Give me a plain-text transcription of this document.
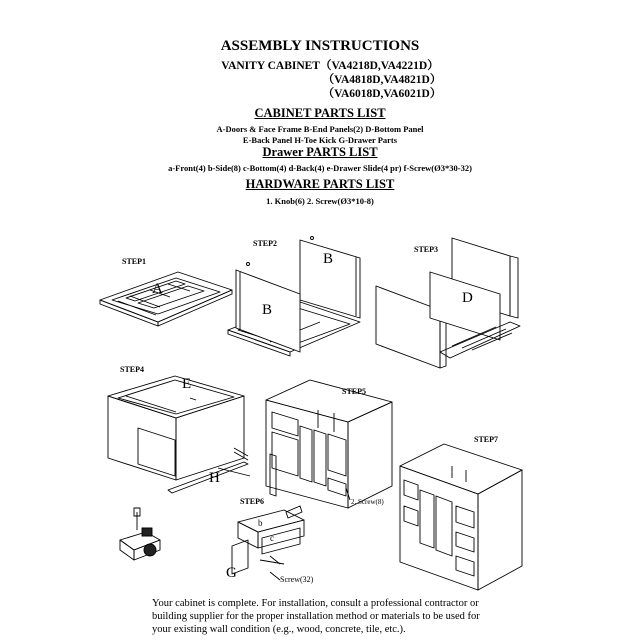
ASSEMBLY INSTRUCTIONS
VANITY CABINET（VA4218D,VA4221D）
（VA4818D,VA4821D）
（VA6018D,VA6021D）
CABINET PARTS LIST
A-Doors & Face Frame B-End Panels(2) D-Bottom Panel
E-Back Panel H-Toe Kick G-Drawer Parts
Drawer PARTS LIST
a-Front(4) b-Side(8) c-Bottom(4) d-Back(4) e-Drawer Slide(4 pr) f-Screw(Ø3*30-32)
HARDWARE PARTS LIST
1. Knob(6) 2. Screw(Ø3*10-8)
STEP1
STEP2
STEP3
STEP4
STEP5
STEP6
STEP7
A
B
B
D
E
H
G
b
c
2. Screw(8)
Screw(32)
Your cabinet is complete. For installation, consult a professional contractor or
building supplier for the proper installation method or materials to be used for
your existing wall condition (e.g., wood, concrete, tile, etc.).
